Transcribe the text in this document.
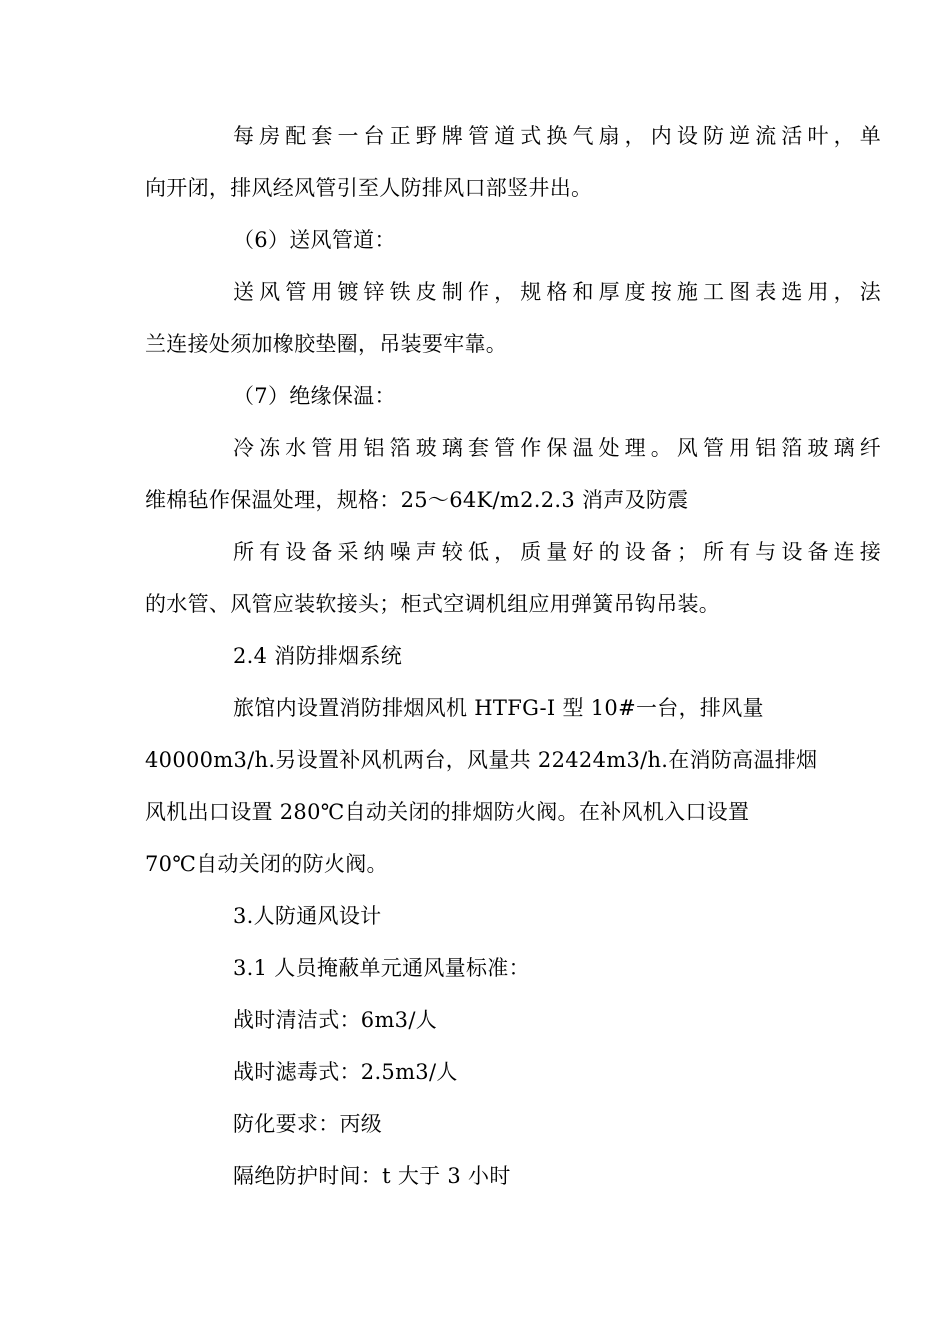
每房配套一台正野牌管道式换气扇，内设防逆流活叶，单
向开闭，排风经风管引至人防排风口部竖井出。
（6）送风管道：
送风管用镀锌铁皮制作，规格和厚度按施工图表选用，法
兰连接处须加橡胶垫圈，吊装要牢靠。
（7）绝缘保温：
冷冻水管用铝箔玻璃套管作保温处理。风管用铝箔玻璃纤
维棉毡作保温处理，规格：25～64K/m2.2.3 消声及防震
所有设备采纳噪声较低，质量好的设备；所有与设备连接
的水管、风管应装软接头；柜式空调机组应用弹簧吊钩吊装。
2.4 消防排烟系统
旅馆内设置消防排烟风机 HTFG-I 型 10#一台，排风量
40000m3/h.另设置补风机两台，风量共 22424m3/h.在消防高温排烟
风机出口设置 280℃自动关闭的排烟防火阀。在补风机入口设置
70℃自动关闭的防火阀。
3.人防通风设计
3.1 人员掩蔽单元通风量标准：
战时清洁式：6m3/人
战时滤毒式：2.5m3/人
防化要求：丙级
隔绝防护时间：t 大于 3 小时
